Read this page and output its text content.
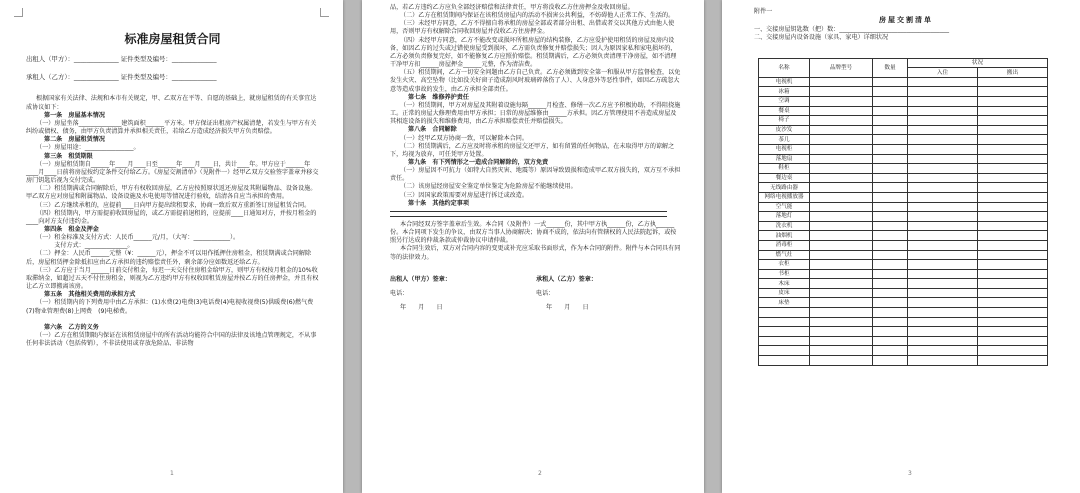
标准房屋租赁合同
出租人（甲方）：______________ 证件类型及编号：______________
承租人（乙方）：______________ 证件类型及编号：______________

根据国家有关法律、法规和本市有关规定，甲、乙双方在平等、自愿的基础上，就房屋租赁的有关事宜达成协议如下：

第一条　房屋基本情况

（一）房屋坐落______________建筑面积______平方米。甲方保证出租房产权属清楚，若发生与甲方有关纠纷或债权、债务，由甲方负责清算并承担相关责任，若给乙方造成经济损失甲方负责赔偿。

第二条　房屋租赁情况

（一）房屋用途：________________。

第三条　租赁期限

（一）房屋租赁期自______年____月____日至______年____月____日，共计____年。甲方应于______年____月____日前将房屋按约定条件交付给乙方。《房屋交割清单》（见附件一）经甲乙双方交验签字盖章并移交房门钥匙后视为交付完成。

（二）租赁期满或合同解除后，甲方有权收回房屋，乙方应按照原状返还房屋及其附属物品、设备设施。甲乙双方应对房屋和附属物品、设备设施及水电使用等情况进行验收，结清各自应当承担的费用。

（三）乙方继续承租的，应提前____日向甲方提出续租要求，协商一致后双方重新签订房屋租赁合同。

（四）租赁期内，甲方需提前收回房屋的，或乙方需提前退租的，应提前____日通知对方，并按月租金的____向对方支付违约金。

第四条　租金及押金

（一）租金标准及支付方式：人民币______元/月，（大写：____________）。

　　　支付方式：______________。

（二）押金：人民币______元整（¥：______元），押金不可以用作抵押住房租金，租赁期满或合同解除后，房屋租赁押金除抵扣应由乙方承担的违约赔偿责任外，剩余部分应如数返还给乙方。

（三）乙方应于当月______日前交付租金，每迟一天交付住房租金给甲方，则甲方有权按月租金的10%收取滞纳金，如超过五天不付住房租金，则视为乙方违约甲方有权收回租赁房屋并按乙方的任房押金，并且有权让乙方立即搬离该房。

第五条　其他相关费用的承担方式

（一）租赁期内的下列费用中由乙方承担：(1)水费(2)电费(3)电话费(4)电视收视费(5)供暖费(6)燃气费(7)物业管理费(8)上网费　(9)电梯费。

第六条　乙方的义务

（一）乙方在租赁期限内保证在该租赁房屋中的所有活动均能符合中国的法律及该地点管理规定，不从事任何非法活动（包括传销），不非法使用或存放危险品、非法物

1

品，若乙方违约乙方应负全部经济赔偿和法律责任，甲方将没收乙方住房押金及收回房屋。

（二）乙方在租赁期间内保证在该租赁房屋内的活动不损害公共利益，不妨碍他人正常工作、生活的。

（三）未经甲方同意，乙方不得擅自将承租的房屋全部或者部分出租、出借或者交以其他方式由他人使用，否则甲方有权解除合同收回房屋并没收乙方住房押金。

（四）未经甲方同意，乙方不能改变或损坏所租房屋的结构装修，乙方应爱护使用租赁的房屋及房内设备，如因乙方的过失或过错使房屋受到损坏，乙方需负责修复并赔偿损失；因人为原因家私和家电损坏的，乙方必须负责修复完好，如不能修复乙方应照价赔偿。租赁期满后，乙方必须负责清理干净房屋，如不清理干净甲方扣______房屋押金______元整，作为清洁费。

（五）租赁期间，乙方一切安全问题由乙方自己负责。乙方必须做到安全第一和服从甲方监督检查，以免发生火灾、高空坠物（比如没关好窗子造成刮风时玻璃碎落伤了人）、人身意外等恶性事件，如因乙方疏忽大意等造成事故的发生，由乙方承担全部责任。

第七条　维修养护责任

（一）租赁期间，甲方对房屋及其附着设施每隔______月检查、修缮一次乙方应予积极协助，不得阻挠施工。正常的房屋大修理费用由甲方承担；日常的房屋维修由______方承担。因乙方管理使用不善造成房屋及其相连设备的损失和维修费用，由乙方承担赔偿责任并赔偿损失。

第八条　合同解除

（一）经甲乙双方协商一致，可以解除本合同。

（二）租赁期满后，乙方应及时将承租的房屋交还甲方，如有留置的任何物品，在未取得甲方的谅解之下，均视为放弃，可任凭甲方处置。

第九条　有下列情形之一造成合同解除的，双方免责

（一）房屋因不可抗力（如特大自然灾害、地震等）原因导致毁损和造成甲乙双方损失的，双方互不承担责任。

（二）该房屋经房屋安全鉴定单位鉴定为危险房屋不能继续使用。

（三）因国家政策需要对房屋进行拆迁或改造。

第十条　其他约定事项

本合同经双方签字盖章后生效。本合同（及附件）一式______份，其中甲方执______份，乙方执______份。本合同项下发生的争议，由双方当事人协商解决；协商不成的，依法向有管辖权的人民法院起诉，或按照另行达成的仲裁条款或仲裁协议申请仲裁。

本合同生效后，双方对合同内容的变更或补充应采取书面形式，作为本合同的附件。附件与本合同具有同等的法律效力。

出租人（甲方）签章：	承租人（乙方）签章：
电话：	电话：
年　　月　　日	年　　月　　日
2

附件一

房屋交割清单

一、交接房屋钥匙数（把）数：____________________________________

二、交接房屋内设备设施（家具、家电）详细状况

名称	品牌型号	数量	状况	
			入住	搬出
电视机				
冰箱				
空调				
餐桌				
椅子				
皮沙发				
茶几				
电视柜				
落地扇				
鞋柜				
餐边桌				
无线路由器				
网络电视播放器				
空气能				
落地灯				
洗衣机				
油烟机				
消毒柜				
燃气灶				
衣柜				
书柜				
木床				
皮床				
床垫				

3
